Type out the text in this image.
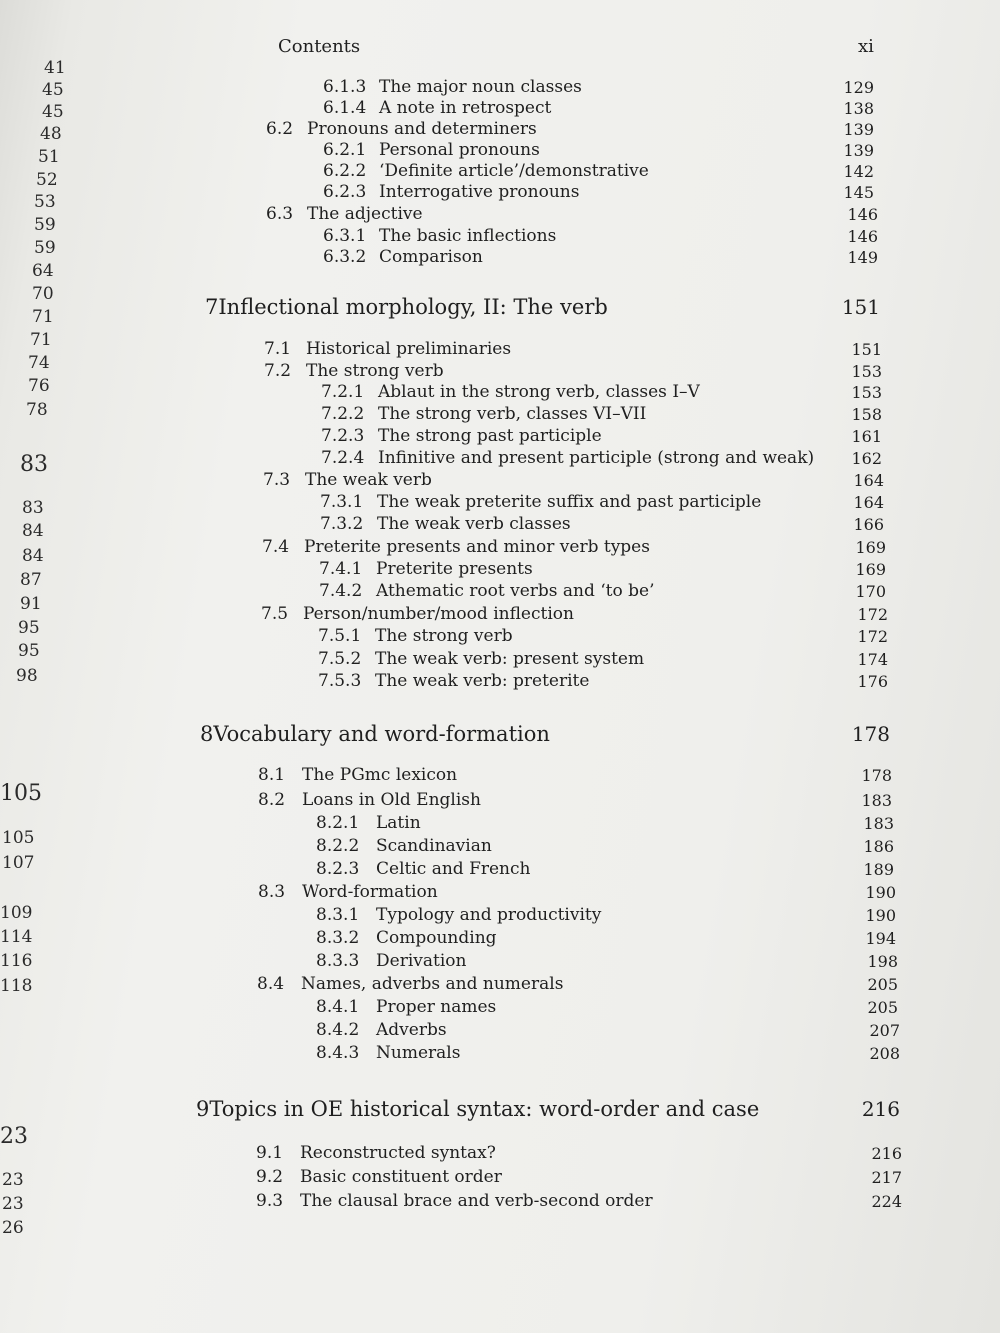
41
45
45
48
51
52
53
59
59
64
70
71
71
74
76
78
83
83
84
84
87
91
95
95
98
105
105
107
109
114
116
118
23
23
23
26
Contents	xi
6.1.3 The major noun classes	129
6.1.4 A note in retrospect	138
6.2 Pronouns and determiners	139
6.2.1 Personal pronouns	139
6.2.2 ‘Definite article’/demonstrative	142
6.2.3 Interrogative pronouns	145
6.3 The adjective	146
6.3.1 The basic inflections	146
6.3.2 Comparison	149
7Inflectional morphology, II: The verb	151
7.1 Historical preliminaries	151
7.2 The strong verb	153
7.2.1 Ablaut in the strong verb, classes I–V	153
7.2.2 The strong verb, classes VI–VII	158
7.2.3 The strong past participle	161
7.2.4 Infinitive and present participle (strong and weak)	162
7.3 The weak verb	164
7.3.1 The weak preterite suffix and past participle	164
7.3.2 The weak verb classes	166
7.4 Preterite presents and minor verb types	169
7.4.1 Preterite presents	169
7.4.2 Athematic root verbs and ‘to be’	170
7.5 Person/number/mood inflection	172
7.5.1 The strong verb	172
7.5.2 The weak verb: present system	174
7.5.3 The weak verb: preterite	176
8Vocabulary and word-formation	178
8.1 The PGmc lexicon	178
8.2 Loans in Old English	183
8.2.1 Latin	183
8.2.2 Scandinavian	186
8.2.3 Celtic and French	189
8.3 Word-formation	190
8.3.1 Typology and productivity	190
8.3.2 Compounding	194
8.3.3 Derivation	198
8.4 Names, adverbs and numerals	205
8.4.1 Proper names	205
8.4.2 Adverbs	207
8.4.3 Numerals	208
9Topics in OE historical syntax: word-order and case	216
9.1 Reconstructed syntax?	216
9.2 Basic constituent order	217
9.3 The clausal brace and verb-second order	224
